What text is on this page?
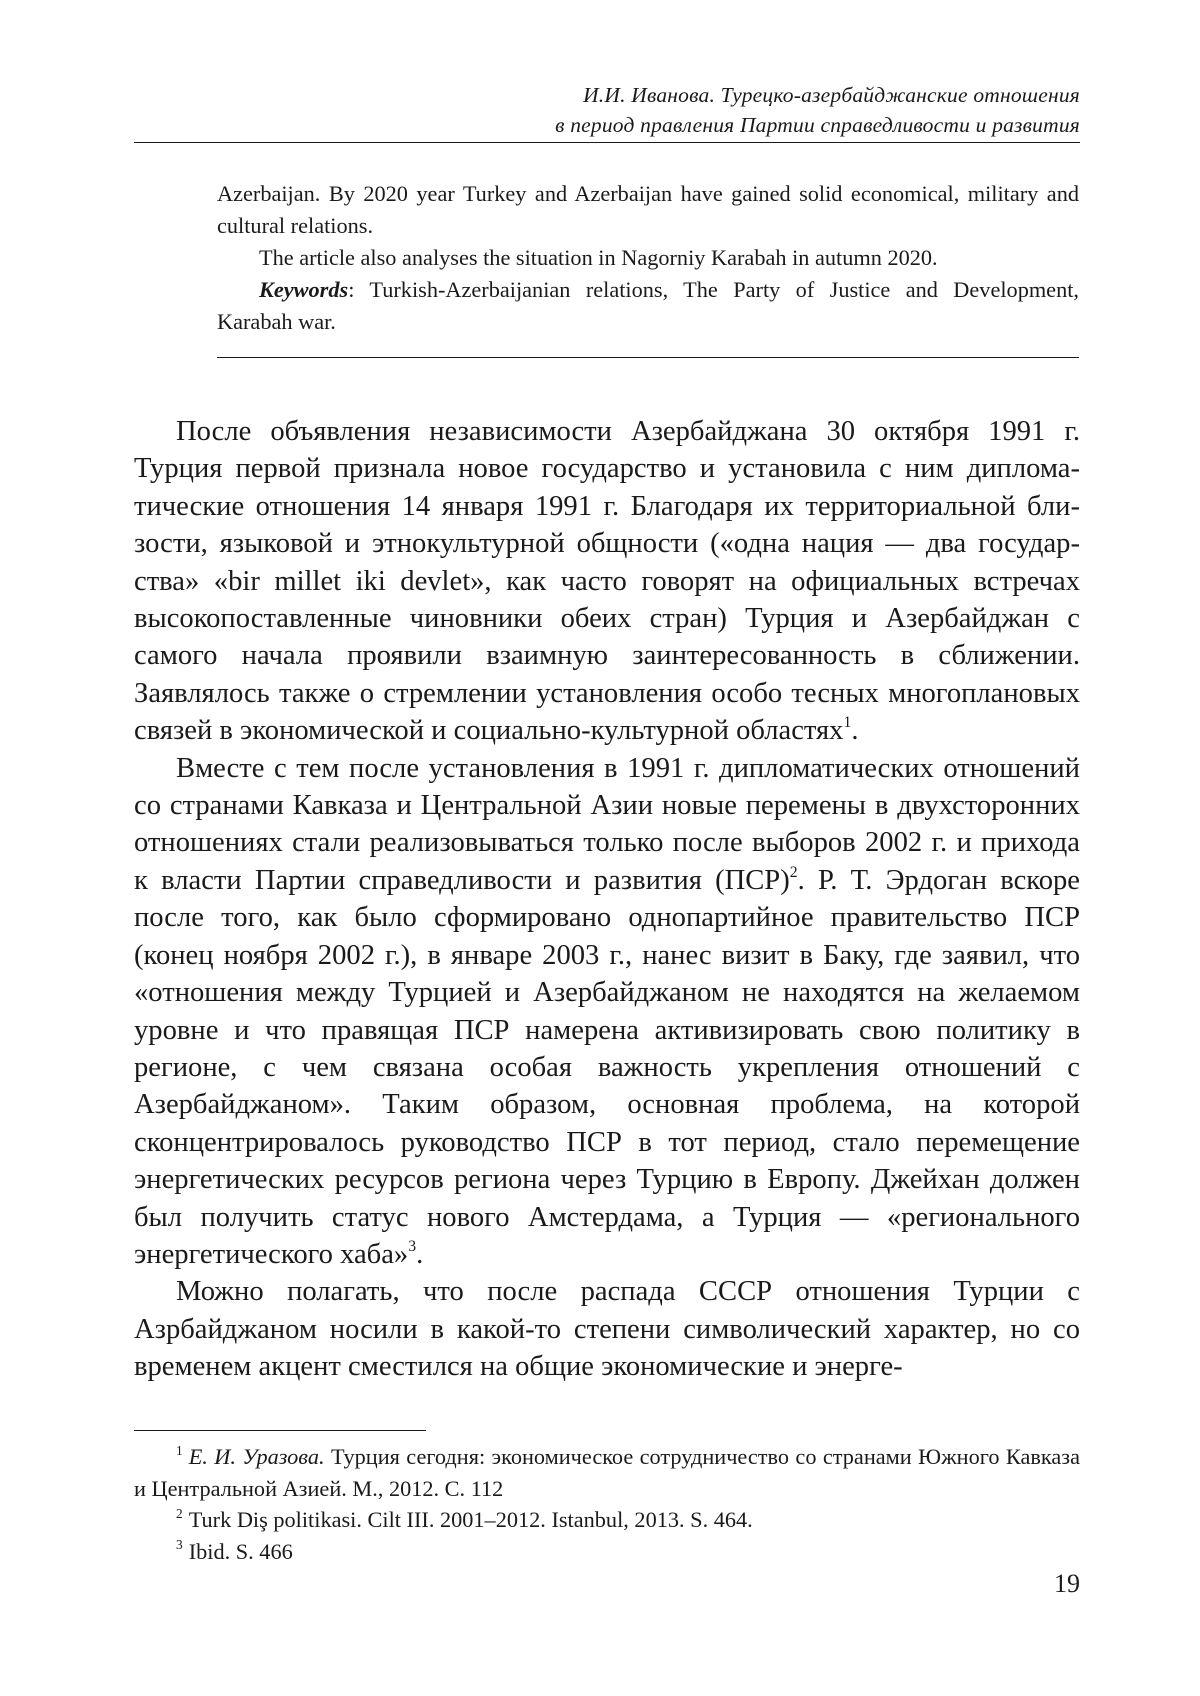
И.И. Иванова. Турецко-азербайджанские отношения
в период правления Партии справедливости и развития

Azerbaijan. By 2020 year Turkey and Azerbaijan have gained solid economical, military and cultural relations.

The article also analyses the situation in Nagorniy Karabah in autumn 2020.

Keywords: Turkish-Azerbaijanian relations, The Party of Justice and Development, Karabah war.

После объявления независимости Азербайджана 30 октября 1991 г. Турция первой признала новое государство и установила с ним диплома­тические отношения 14 января 1991 г. Благодаря их территориальной бли­зости, языковой и этнокультурной общности («одна нация — два государ­ства» «bir millet iki devlet», как часто говорят на официальных встречах высокопоставленные чиновники обеих стран) Турция и Азербайджан с самого начала проявили взаимную заинтересованность в сближении. Заявлялось также о стремлении установления особо тесных многопла­новых связей в экономической и социально-культурной областях1.

Вместе с тем после установления в 1991 г. дипломатических отно­шений со странами Кавказа и Центральной Азии новые перемены в двух­сторонних отношениях стали реализовываться только после выборов 2002 г. и прихода к власти Партии справедливости и развития (ПСР)2. Р. Т. Эрдоган вскоре после того, как было сформировано однопартийное правительство ПСР (конец ноября 2002 г.), в январе 2003 г., нанес визит в Баку, где заявил, что «отношения между Турцией и Азербайджаном не находятся на желаемом уровне и что правящая ПСР намерена активизи­ровать свою политику в регионе, с чем связана особая важность укре­пления отношений с Азербайджаном». Таким образом, основная про­блема, на которой сконцентрировалось руководство ПСР в тот период, стало перемещение энергетических ресурсов региона через Турцию в Европу. Джейхан должен был получить статус нового Амстердама, а Турция — «регионального энергетического хаба»3.

Можно полагать, что после распада СССР отношения Турции с Азрбайджаном носили в какой-то степени символический характер, но со временем акцент сместился на общие экономические и энерге-

1 Е. И. Уразова. Турция сегодня: экономическое сотрудничество со странами Южного Кавказа и Центральной Азией. М., 2012. С. 112

2 Turk Diş politikasi. Cilt III. 2001–2012. Istanbul, 2013. S. 464.

3 Ibid. S. 466

19
